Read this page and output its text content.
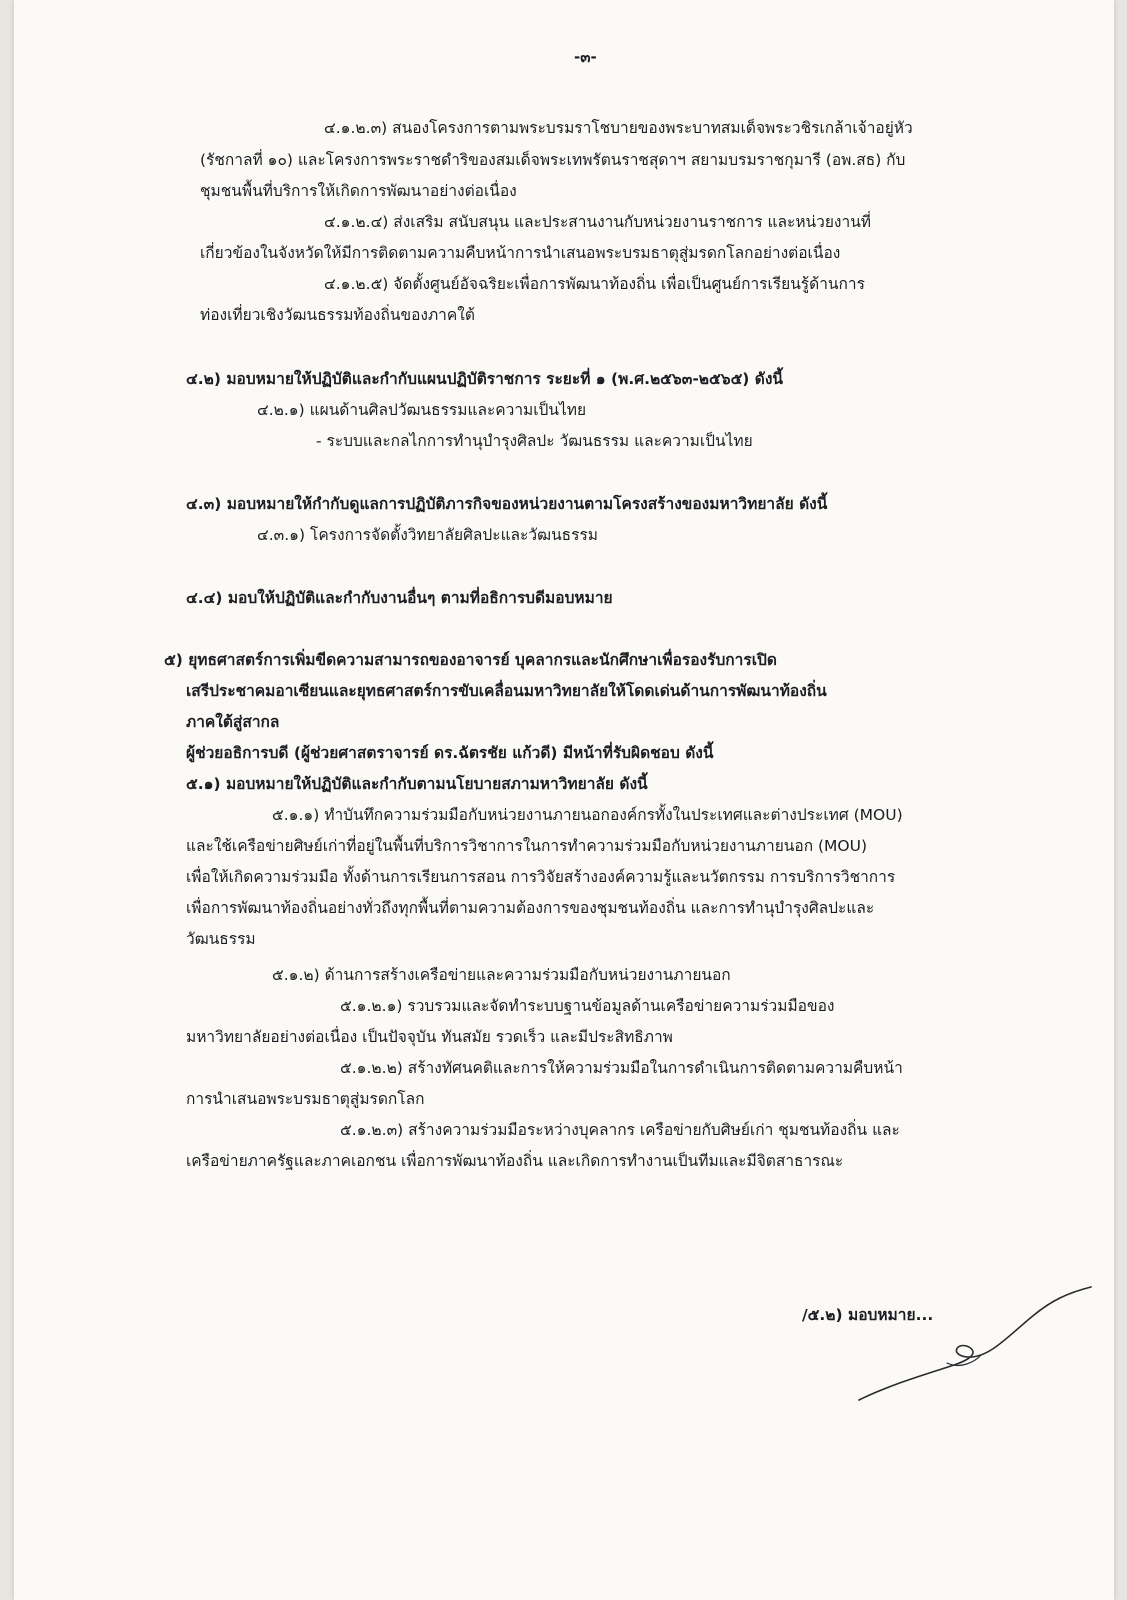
-๓-
๔.๑.๒.๓) สนองโครงการตามพระบรมราโชบายของพระบาทสมเด็จพระวชิรเกล้าเจ้าอยู่หัว
(รัชกาลที่ ๑๐) และโครงการพระราชดำริของสมเด็จพระเทพรัตนราชสุดาฯ สยามบรมราชกุมารี (อพ.สธ) กับ
ชุมชนพื้นที่บริการให้เกิดการพัฒนาอย่างต่อเนื่อง
๔.๑.๒.๔) ส่งเสริม สนับสนุน และประสานงานกับหน่วยงานราชการ และหน่วยงานที่
เกี่ยวข้องในจังหวัดให้มีการติดตามความคืบหน้าการนำเสนอพระบรมธาตุสู่มรดกโลกอย่างต่อเนื่อง
๔.๑.๒.๕) จัดตั้งศูนย์อัจฉริยะเพื่อการพัฒนาท้องถิ่น เพื่อเป็นศูนย์การเรียนรู้ด้านการ
ท่องเที่ยวเชิงวัฒนธรรมท้องถิ่นของภาคใต้
๔.๒) มอบหมายให้ปฏิบัติและกำกับแผนปฏิบัติราชการ ระยะที่ ๑ (พ.ศ.๒๕๖๓-๒๕๖๕) ดังนี้
๔.๒.๑) แผนด้านศิลปวัฒนธรรมและความเป็นไทย
- ระบบและกลไกการทำนุบำรุงศิลปะ วัฒนธรรม และความเป็นไทย
๔.๓) มอบหมายให้กำกับดูแลการปฏิบัติภารกิจของหน่วยงานตามโครงสร้างของมหาวิทยาลัย ดังนี้
๔.๓.๑) โครงการจัดตั้งวิทยาลัยศิลปะและวัฒนธรรม
๔.๔) มอบให้ปฏิบัติและกำกับงานอื่นๆ ตามที่อธิการบดีมอบหมาย
๕) ยุทธศาสตร์การเพิ่มขีดความสามารถของอาจารย์ บุคลากรและนักศึกษาเพื่อรองรับการเปิด
เสรีประชาคมอาเซียนและยุทธศาสตร์การขับเคลื่อนมหาวิทยาลัยให้โดดเด่นด้านการพัฒนาท้องถิ่น
ภาคใต้สู่สากล
ผู้ช่วยอธิการบดี (ผู้ช่วยศาสตราจารย์ ดร.ฉัตรชัย แก้วดี) มีหน้าที่รับผิดชอบ ดังนี้
๕.๑) มอบหมายให้ปฏิบัติและกำกับตามนโยบายสภามหาวิทยาลัย ดังนี้
๕.๑.๑) ทำบันทึกความร่วมมือกับหน่วยงานภายนอกองค์กรทั้งในประเทศและต่างประเทศ (MOU)
และใช้เครือข่ายศิษย์เก่าที่อยู่ในพื้นที่บริการวิชาการในการทำความร่วมมือกับหน่วยงานภายนอก (MOU)
เพื่อให้เกิดความร่วมมือ ทั้งด้านการเรียนการสอน การวิจัยสร้างองค์ความรู้และนวัตกรรม การบริการวิชาการ
เพื่อการพัฒนาท้องถิ่นอย่างทั่วถึงทุกพื้นที่ตามความต้องการของชุมชนท้องถิ่น และการทำนุบำรุงศิลปะและ
วัฒนธรรม
๕.๑.๒) ด้านการสร้างเครือข่ายและความร่วมมือกับหน่วยงานภายนอก
๕.๑.๒.๑) รวบรวมและจัดทำระบบฐานข้อมูลด้านเครือข่ายความร่วมมือของ
มหาวิทยาลัยอย่างต่อเนื่อง เป็นปัจจุบัน ทันสมัย รวดเร็ว และมีประสิทธิภาพ
๕.๑.๒.๒) สร้างทัศนคติและการให้ความร่วมมือในการดำเนินการติดตามความคืบหน้า
การนำเสนอพระบรมธาตุสู่มรดกโลก
๕.๑.๒.๓) สร้างความร่วมมือระหว่างบุคลากร เครือข่ายกับศิษย์เก่า ชุมชนท้องถิ่น และ
เครือข่ายภาครัฐและภาคเอกชน เพื่อการพัฒนาท้องถิ่น และเกิดการทำงานเป็นทีมและมีจิตสาธารณะ
/๕.๒) มอบหมาย...
